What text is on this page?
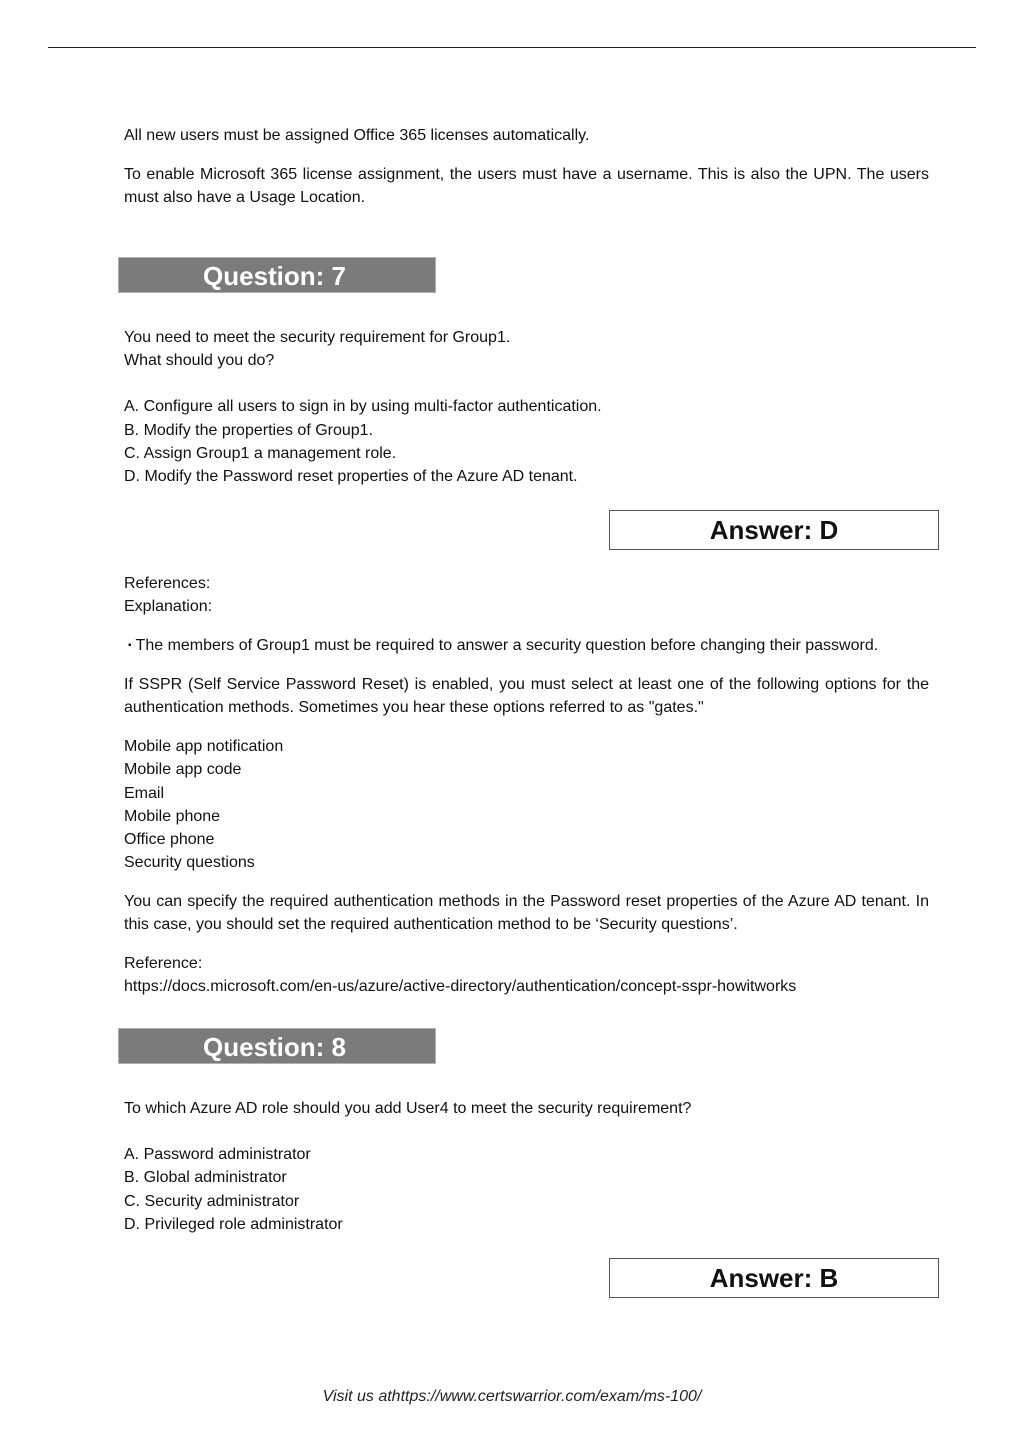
All new users must be assigned Office 365 licenses automatically.

To enable Microsoft 365 license assignment, the users must have a username. This is also the UPN. The users must also have a Usage Location.

Question: 7

You need to meet the security requirement for Group1.

What should you do?

A. Configure all users to sign in by using multi-factor authentication.

B. Modify the properties of Group1.

C. Assign Group1 a management role.

D. Modify the Password reset properties of the Azure AD tenant.

Answer: D

References:

Explanation:

▪ The members of Group1 must be required to answer a security question before changing their password.

If SSPR (Self Service Password Reset) is enabled, you must select at least one of the following options for the authentication methods. Sometimes you hear these options referred to as "gates."

Mobile app notification

Mobile app code

Email

Mobile phone

Office phone

Security questions

You can specify the required authentication methods in the Password reset properties of the Azure AD tenant. In this case, you should set the required authentication method to be ‘Security questions’.

Reference:

https://docs.microsoft.com/en-us/azure/active-directory/authentication/concept-sspr-howitworks

Question: 8

To which Azure AD role should you add User4 to meet the security requirement?

A. Password administrator

B. Global administrator

C. Security administrator

D. Privileged role administrator

Answer: B
Visit us athttps://www.certswarrior.com/exam/ms-100/
